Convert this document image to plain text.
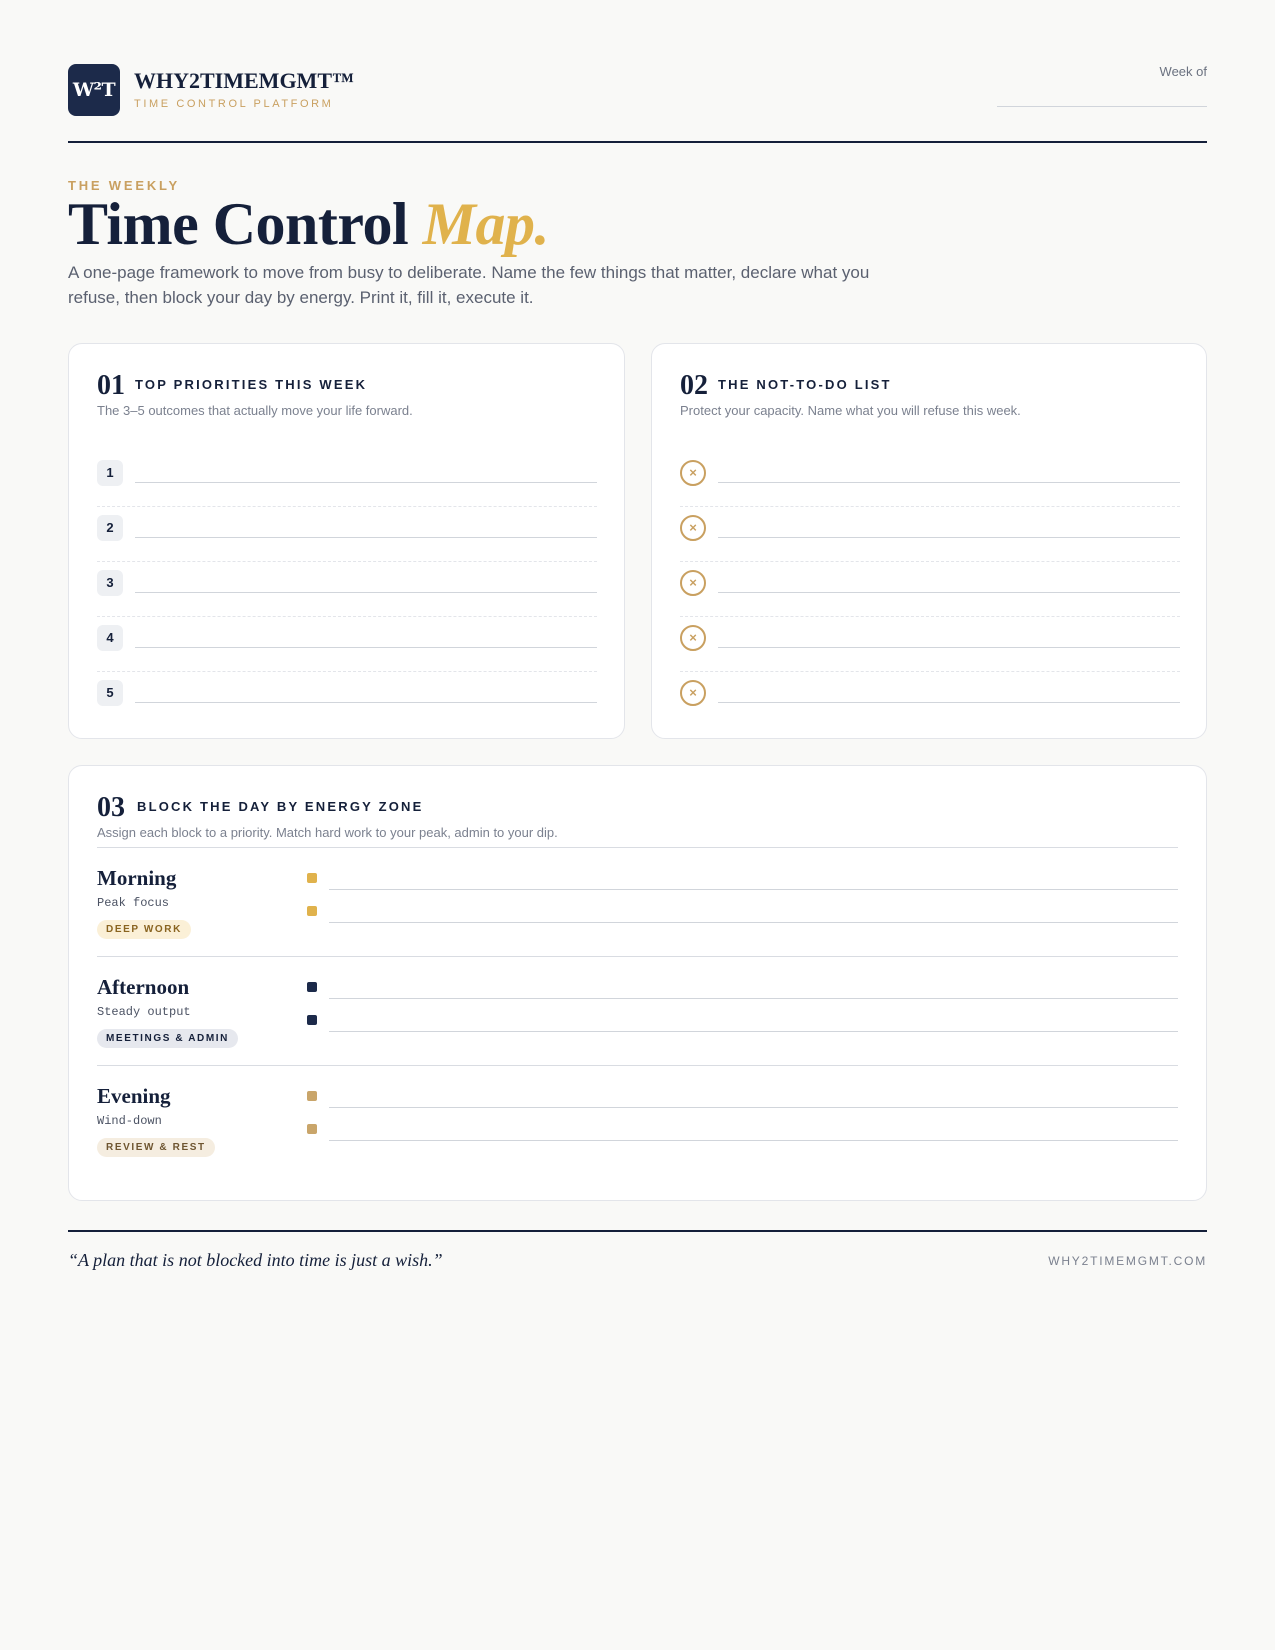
W²T WHY2TIMEMGMT™
TIME CONTROL PLATFORM
Week of
THE WEEKLY
Time Control Map.
A one-page framework to move from busy to deliberate. Name the few things that matter, declare what you refuse, then block your day by energy. Print it, fill it, execute it.
01 TOP PRIORITIES THIS WEEK
The 3–5 outcomes that actually move your life forward.
1
2
3
4
5
02 THE NOT-TO-DO LIST
Protect your capacity. Name what you will refuse this week.
×
×
×
×
×
03 BLOCK THE DAY BY ENERGY ZONE
Assign each block to a priority. Match hard work to your peak, admin to your dip.
Morning
Peak focus
DEEP WORK
Afternoon
Steady output
MEETINGS & ADMIN
Evening
Wind-down
REVIEW & REST
“A plan that is not blocked into time is just a wish.”	WHY2TIMEMGMT.COM
